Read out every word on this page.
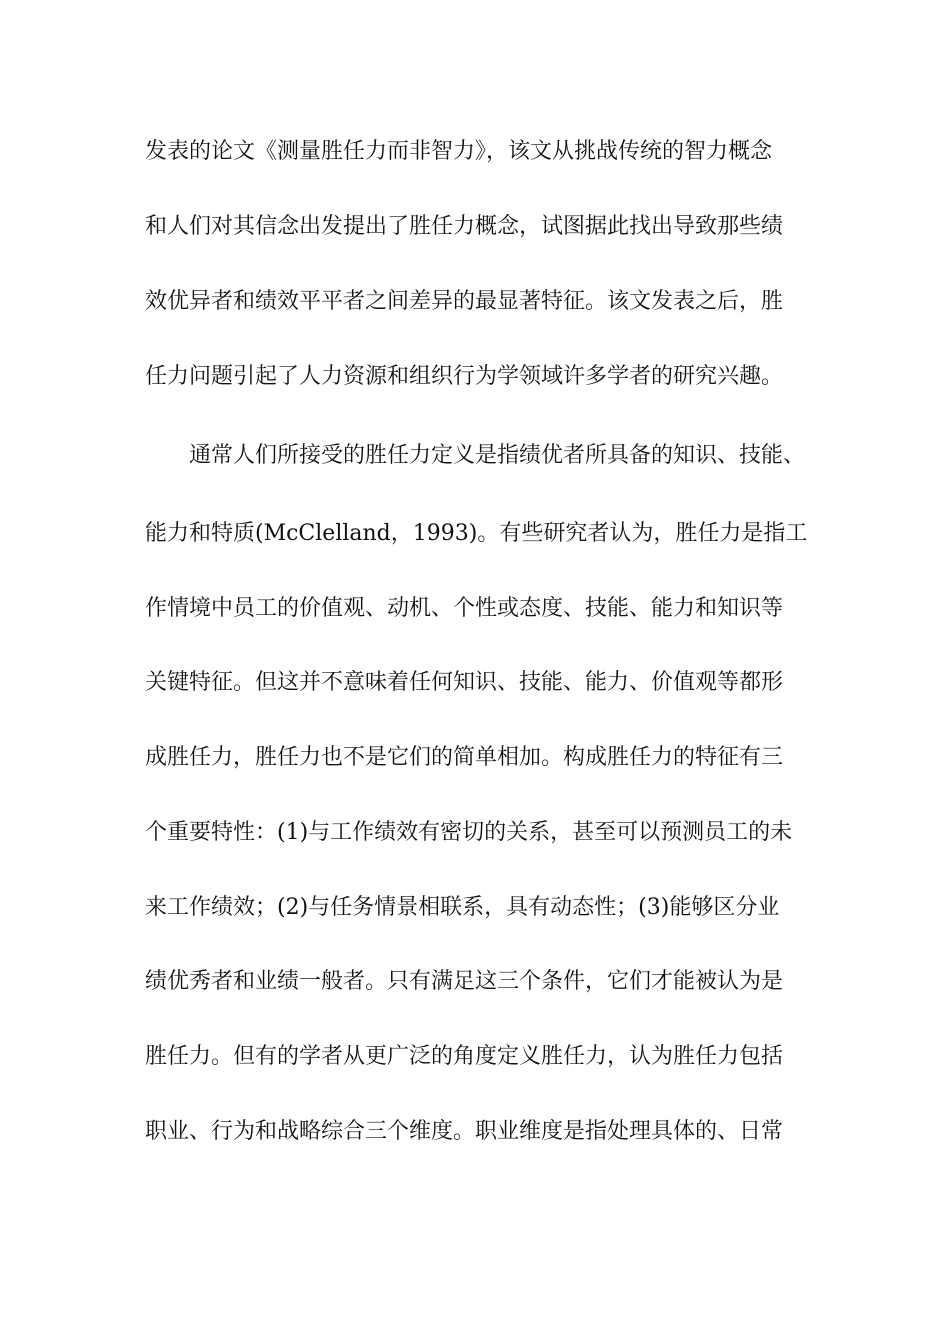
发表的论文《测量胜任力而非智力》，该文从挑战传统的智力概念
和人们对其信念出发提出了胜任力概念，试图据此找出导致那些绩
效优异者和绩效平平者之间差异的最显著特征。该文发表之后，胜
任力问题引起了人力资源和组织行为学领域许多学者的研究兴趣。
通常人们所接受的胜任力定义是指绩优者所具备的知识、技能、
能力和特质(McClelland，1993)。有些研究者认为，胜任力是指工
作情境中员工的价值观、动机、个性或态度、技能、能力和知识等
关键特征。但这并不意味着任何知识、技能、能力、价值观等都形
成胜任力，胜任力也不是它们的简单相加。构成胜任力的特征有三
个重要特性：(1)与工作绩效有密切的关系，甚至可以预测员工的未
来工作绩效；(2)与任务情景相联系，具有动态性；(3)能够区分业
绩优秀者和业绩一般者。只有满足这三个条件，它们才能被认为是
胜任力。但有的学者从更广泛的角度定义胜任力，认为胜任力包括
职业、行为和战略综合三个维度。职业维度是指处理具体的、日常
